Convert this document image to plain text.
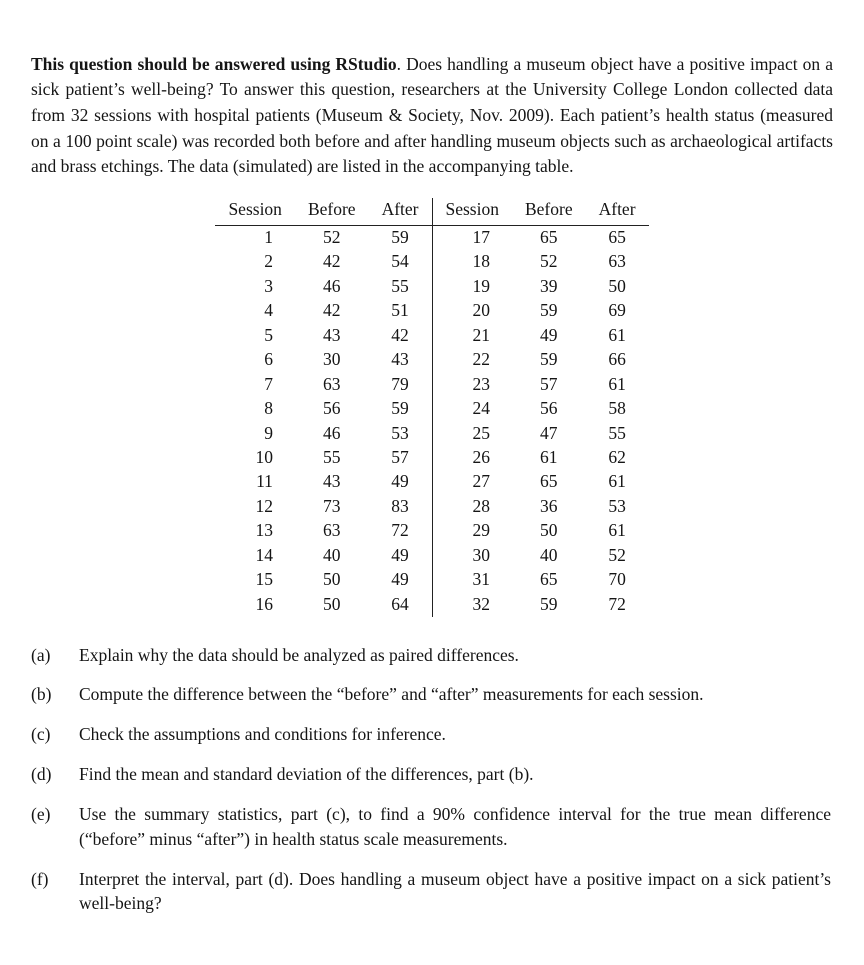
This question should be answered using RStudio. Does handling a museum object have a positive impact on a sick patient’s well-being? To answer this question, researchers at the University College London collected data from 32 sessions with hospital patients (Museum & Society, Nov. 2009). Each patient’s health status (measured on a 100 point scale) was recorded both before and after handling museum objects such as archaeological artifacts and brass etchings. The data (simulated) are listed in the accompanying table.

Session	Before	After	Session	Before	After
1	52	59	17	65	65
2	42	54	18	52	63
3	46	55	19	39	50
4	42	51	20	59	69
5	43	42	21	49	61
6	30	43	22	59	66
7	63	79	23	57	61
8	56	59	24	56	58
9	46	53	25	47	55
10	55	57	26	61	62
11	43	49	27	65	61
12	73	83	28	36	53
13	63	72	29	50	61
14	40	49	30	40	52
15	50	49	31	65	70
16	50	64	32	59	72
(a)	Explain why the data should be analyzed as paired differences.
(b)	Compute the difference between the “before” and “after” measurements for each session.
(c)	Check the assumptions and conditions for inference.
(d)	Find the mean and standard deviation of the differences, part (b).
(e)	Use the summary statistics, part (c), to find a 90% confidence interval for the true mean difference (“before” minus “after”) in health status scale measurements.
(f)	Interpret the interval, part (d). Does handling a museum object have a positive impact on a sick patient’s well-being?
